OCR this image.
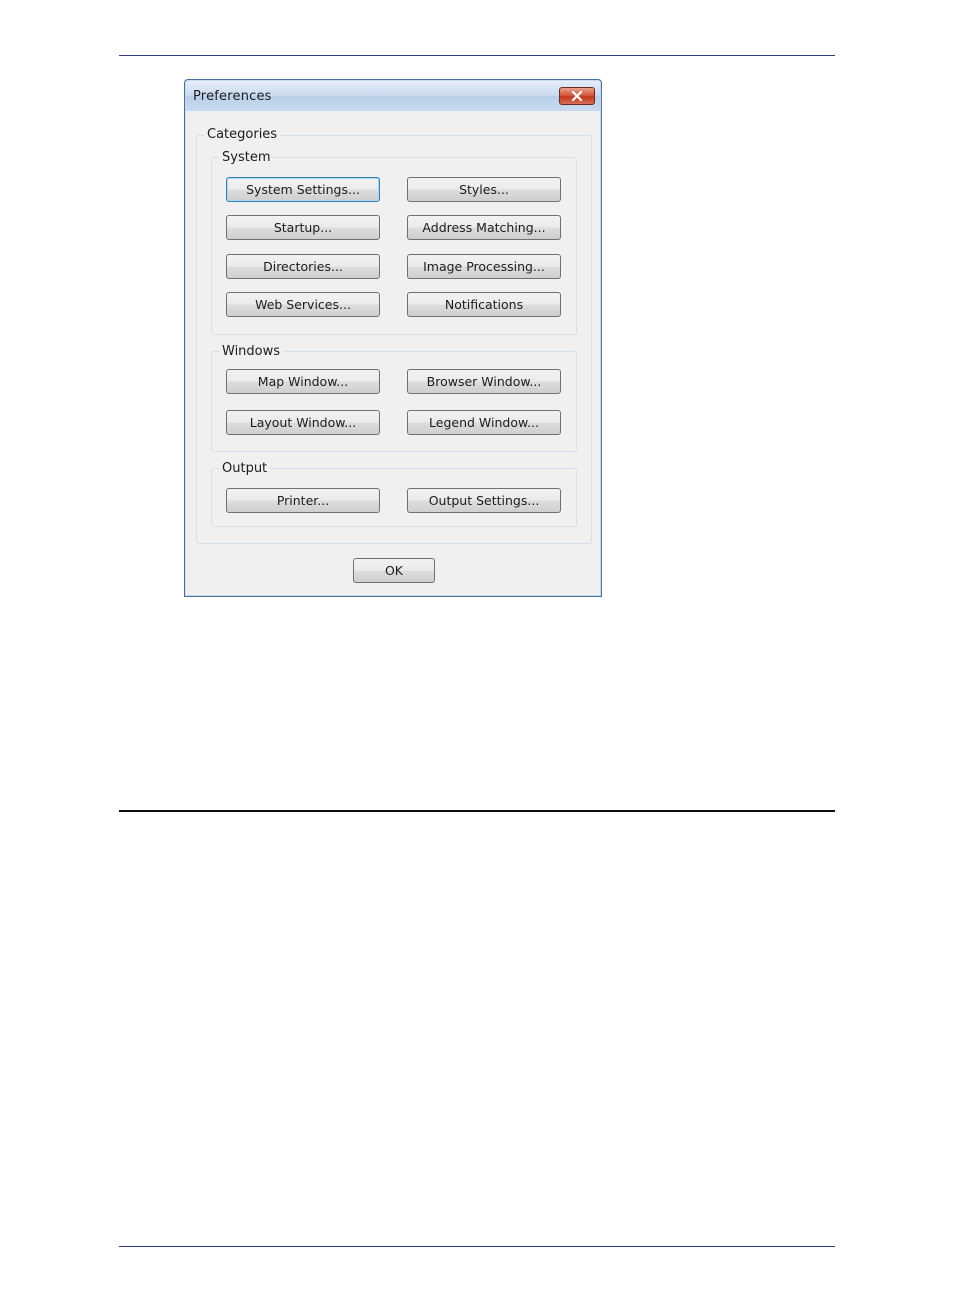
Preferences
Categories
System
System Settings...	Styles...
Startup...	Address Matching...
Directories...	Image Processing...
Web Services...	Notifications
Windows
Map Window...	Browser Window...
Layout Window...	Legend Window...
Output
Printer...	Output Settings...
OK
